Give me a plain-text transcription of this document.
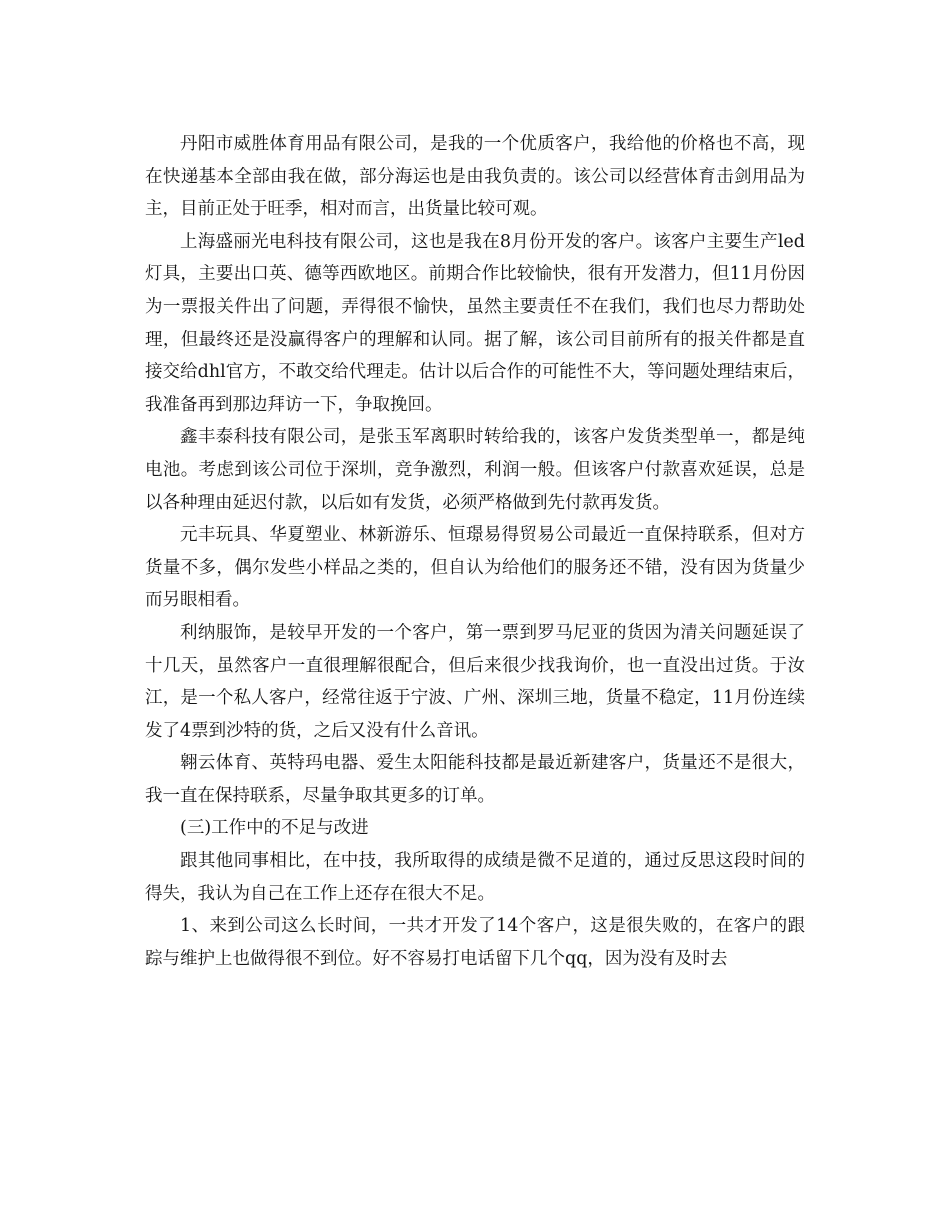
丹阳市威胜体育用品有限公司，是我的一个优质客户，我给他的价格也不高，现在快递基本全部由我在做，部分海运也是由我负责的。该公司以经营体育击剑用品为主，目前正处于旺季，相对而言，出货量比较可观。

上海盛丽光电科技有限公司，这也是我在8月份开发的客户。该客户主要生产led灯具，主要出口英、德等西欧地区。前期合作比较愉快，很有开发潜力，但11月份因为一票报关件出了问题，弄得很不愉快，虽然主要责任不在我们，我们也尽力帮助处理，但最终还是没赢得客户的理解和认同。据了解，该公司目前所有的报关件都是直接交给dhl官方，不敢交给代理走。估计以后合作的可能性不大，等问题处理结束后，我准备再到那边拜访一下，争取挽回。

鑫丰泰科技有限公司，是张玉军离职时转给我的，该客户发货类型单一，都是纯电池。考虑到该公司位于深圳，竞争激烈，利润一般。但该客户付款喜欢延误，总是以各种理由延迟付款，以后如有发货，必须严格做到先付款再发货。

元丰玩具、华夏塑业、林新游乐、恒璟易得贸易公司最近一直保持联系，但对方货量不多，偶尔发些小样品之类的，但自认为给他们的服务还不错，没有因为货量少而另眼相看。

利纳服饰，是较早开发的一个客户，第一票到罗马尼亚的货因为清关问题延误了十几天，虽然客户一直很理解很配合，但后来很少找我询价，也一直没出过货。于汝江，是一个私人客户，经常往返于宁波、广州、深圳三地，货量不稳定，11月份连续发了4票到沙特的货，之后又没有什么音讯。

翱云体育、英特玛电器、爱生太阳能科技都是最近新建客户，货量还不是很大，我一直在保持联系，尽量争取其更多的订单。

(三)工作中的不足与改进

跟其他同事相比，在中技，我所取得的成绩是微不足道的，通过反思这段时间的得失，我认为自己在工作上还存在很大不足。

1、来到公司这么长时间，一共才开发了14个客户，这是很失败的，在客户的跟踪与维护上也做得很不到位。好不容易打电话留下几个qq，因为没有及时去
